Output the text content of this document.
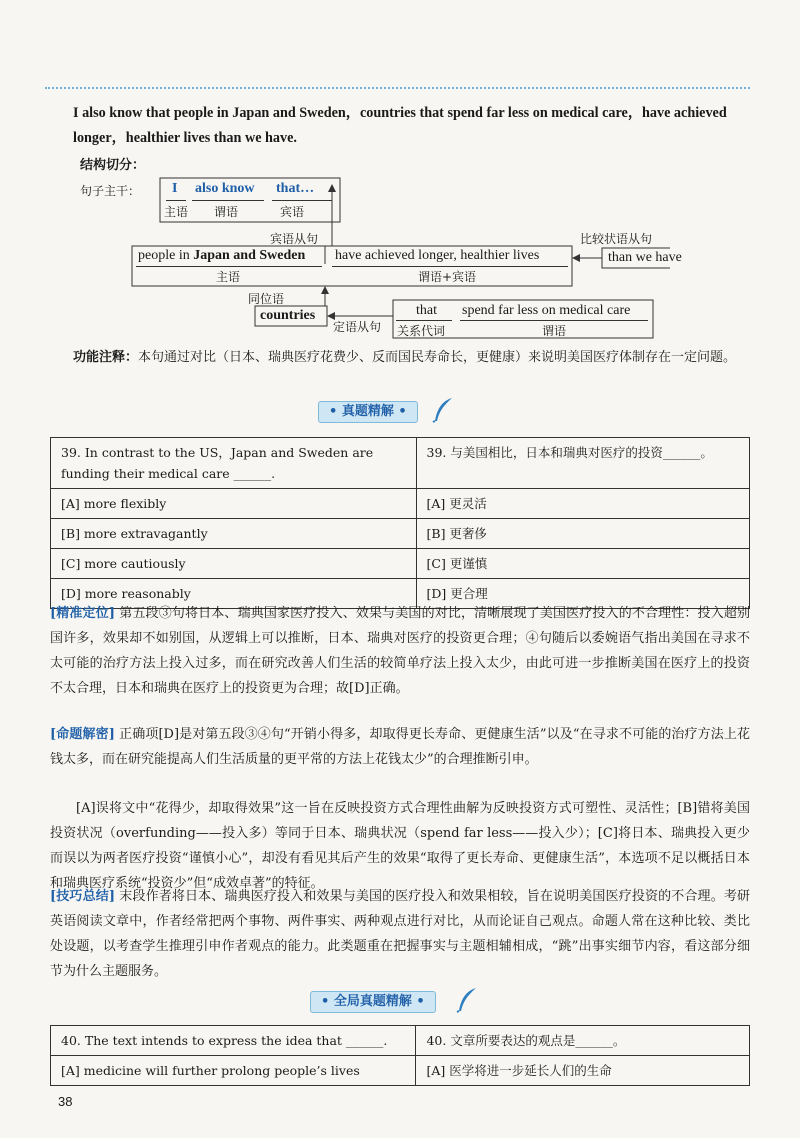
I also know that people in Japan and Sweden，countries that spend far less on medical care，have achieved longer，healthier lives than we have.
结构切分：
句子主干： I also know that…
主语 谓语	宾语
宾语从句	比较状语从句
people in Japan and Sweden have achieved longer, healthier lives	than we have
主语	谓语+宾语
同位语
countries
定语从句
that spend far less on medical care
关系代词	谓语
功能注释：本句通过对比（日本、瑞典医疗花费少、反而国民寿命长，更健康）来说明美国医疗体制存在一定问题。
• 真题精解 •
39. In contrast to the US，Japan and Sweden are funding their medical care ______.	39. 与美国相比，日本和瑞典对医疗的投资______。
[A] more flexibly	[A] 更灵活
[B] more extravagantly	[B] 更奢侈
[C] more cautiously	[C] 更谨慎
[D] more reasonably	[D] 更合理
[精准定位] 第五段③句将日本、瑞典国家医疗投入、效果与美国的对比，清晰展现了美国医疗投入的不合理性：投入超别国许多，效果却不如别国，从逻辑上可以推断，日本、瑞典对医疗的投资更合理；④句随后以委婉语气指出美国在寻求不太可能的治疗方法上投入过多，而在研究改善人们生活的较简单疗法上投入太少，由此可进一步推断美国在医疗上的投资不太合理，日本和瑞典在医疗上的投资更为合理；故[D]正确。
[命题解密] 正确项[D]是对第五段③④句“开销小得多，却取得更长寿命、更健康生活”以及“在寻求不可能的治疗方法上花钱太多，而在研究能提高人们生活质量的更平常的方法上花钱太少”的合理推断引申。
[A]误将文中“花得少，却取得效果”这一旨在反映投资方式合理性曲解为反映投资方式可塑性、灵活性；[B]错将美国投资状况（overfunding——投入多）等同于日本、瑞典状况（spend far less——投入少）；[C]将日本、瑞典投入更少而误以为两者医疗投资“谨慎小心”，却没有看见其后产生的效果“取得了更长寿命、更健康生活”，本选项不足以概括日本和瑞典医疗系统“投资少”但“成效卓著”的特征。
[技巧总结] 末段作者将日本、瑞典医疗投入和效果与美国的医疗投入和效果相较，旨在说明美国医疗投资的不合理。考研英语阅读文章中，作者经常把两个事物、两件事实、两种观点进行对比，从而论证自己观点。命题人常在这种比较、类比处设题，以考查学生推理引申作者观点的能力。此类题重在把握事实与主题相辅相成，“跳”出事实细节内容，看这部分细节为什么主题服务。
• 全局真题精解 •
40. The text intends to express the idea that ______.	40. 文章所要表达的观点是______。
[A] medicine will further prolong people’s lives	[A] 医学将进一步延长人们的生命
38
